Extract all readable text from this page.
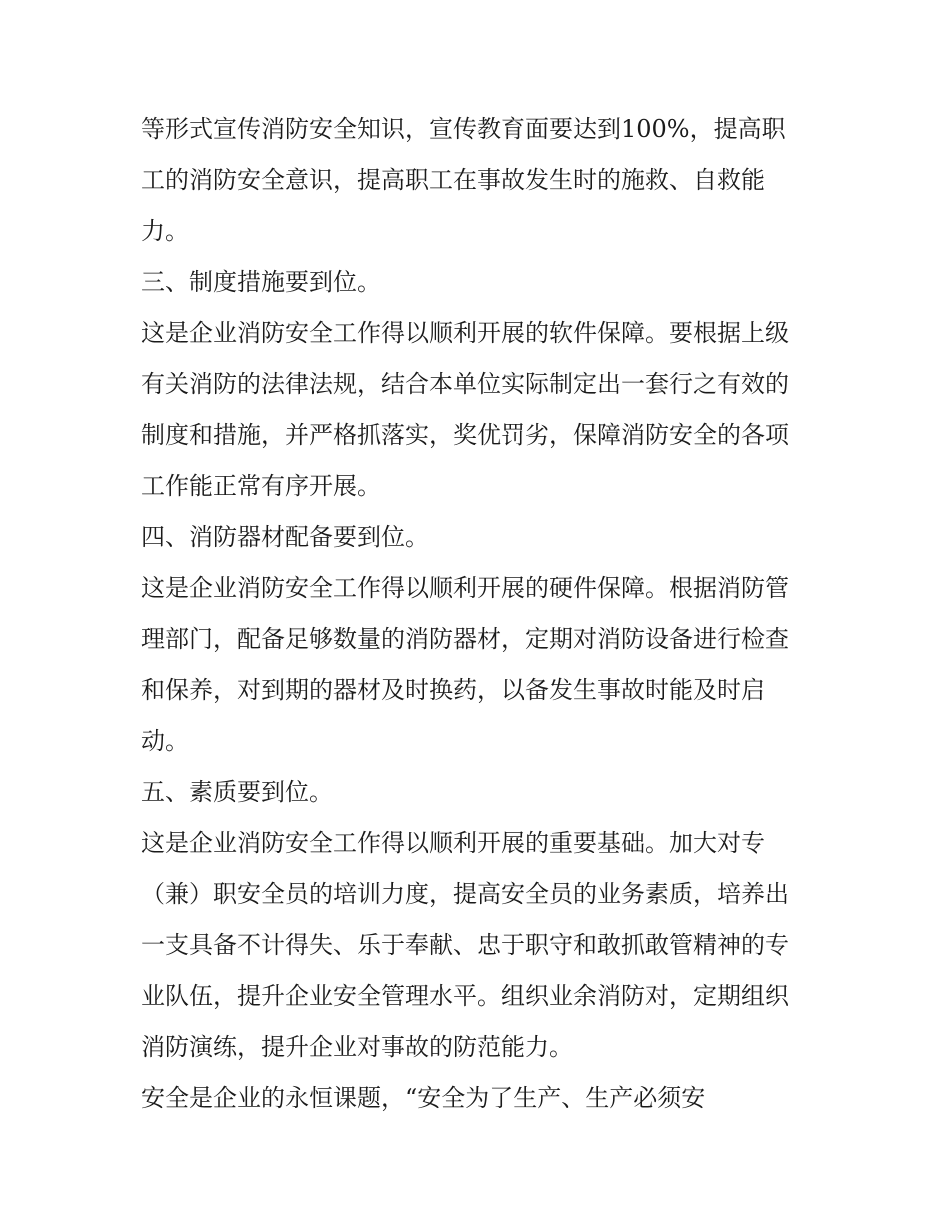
等形式宣传消防安全知识，宣传教育面要达到100%，提高职
工的消防安全意识，提高职工在事故发生时的施救、自救能
力。
三、制度措施要到位。
这是企业消防安全工作得以顺利开展的软件保障。要根据上级
有关消防的法律法规，结合本单位实际制定出一套行之有效的
制度和措施，并严格抓落实，奖优罚劣，保障消防安全的各项
工作能正常有序开展。
四、消防器材配备要到位。
这是企业消防安全工作得以顺利开展的硬件保障。根据消防管
理部门，配备足够数量的消防器材，定期对消防设备进行检查
和保养，对到期的器材及时换药，以备发生事故时能及时启
动。
五、素质要到位。
这是企业消防安全工作得以顺利开展的重要基础。加大对专
（兼）职安全员的培训力度，提高安全员的业务素质，培养出
一支具备不计得失、乐于奉献、忠于职守和敢抓敢管精神的专
业队伍，提升企业安全管理水平。组织业余消防对，定期组织
消防演练，提升企业对事故的防范能力。
安全是企业的永恒课题，“安全为了生产、生产必须安
